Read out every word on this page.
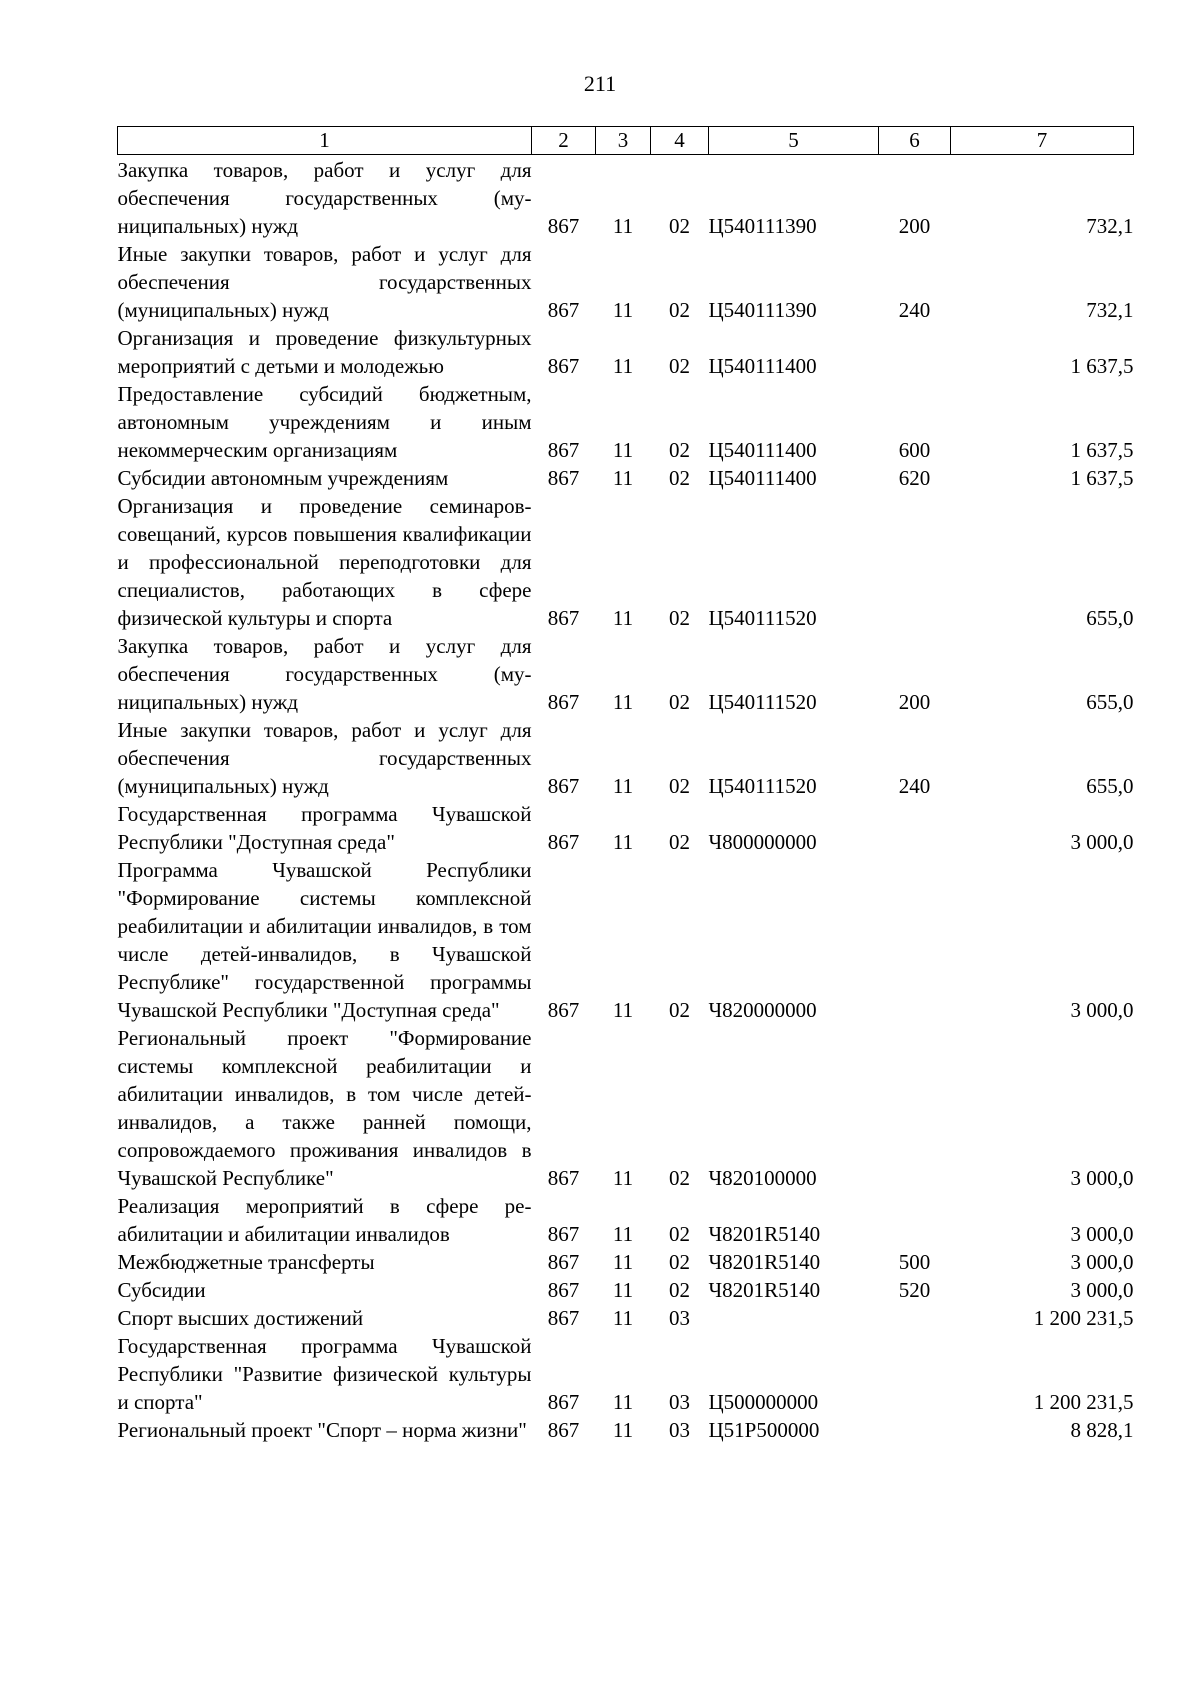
211
1	2	3	4	5	6	7
Закупка товаров, работ и услуг для обеспечения государственных (муниципальных) нужд	867	11	02	Ц540111390	200	732,1
Иные закупки товаров, работ и услуг для обеспечения государственных (муниципальных) нужд	867	11	02	Ц540111390	240	732,1
Организация и проведение физкультурных мероприятий с детьми и молодежью	867	11	02	Ц540111400		1 637,5
Предоставление субсидий бюджетным, автономным учреждениям и иным некоммерческим организациям	867	11	02	Ц540111400	600	1 637,5
Субсидии автономным учреждениям	867	11	02	Ц540111400	620	1 637,5
Организация и проведение семинаров-совещаний, курсов повышения квалификации и профессиональной переподготовки для специалистов, работающих в сфере физической культуры и спорта	867	11	02	Ц540111520		655,0
Закупка товаров, работ и услуг для обеспечения государственных (муниципальных) нужд	867	11	02	Ц540111520	200	655,0
Иные закупки товаров, работ и услуг для обеспечения государственных (муниципальных) нужд	867	11	02	Ц540111520	240	655,0
Государственная программа Чувашской Республики "Доступная среда"	867	11	02	Ч800000000		3 000,0
Программа Чувашской Республики "Формирование системы комплексной реабилитации и абилитации инвалидов, в том числе детей-инвалидов, в Чувашской Республике" государственной программы Чувашской Республики "Доступная среда"	867	11	02	Ч820000000		3 000,0
Региональный проект "Формирование системы комплексной реабилитации и абилитации инвалидов, в том числе детей-инвалидов, а также ранней помощи, сопровождаемого проживания инвалидов в Чувашской Республике"	867	11	02	Ч820100000		3 000,0
Реализация мероприятий в сфере реабилитации и абилитации инвалидов	867	11	02	Ч8201R5140		3 000,0
Межбюджетные трансферты	867	11	02	Ч8201R5140	500	3 000,0
Субсидии	867	11	02	Ч8201R5140	520	3 000,0
Спорт высших достижений	867	11	03			1 200 231,5
Государственная программа Чувашской Республики "Развитие физической культуры и спорта"	867	11	03	Ц500000000		1 200 231,5
Региональный проект "Спорт – норма жизни"	867	11	03	Ц51P500000		8 828,1
